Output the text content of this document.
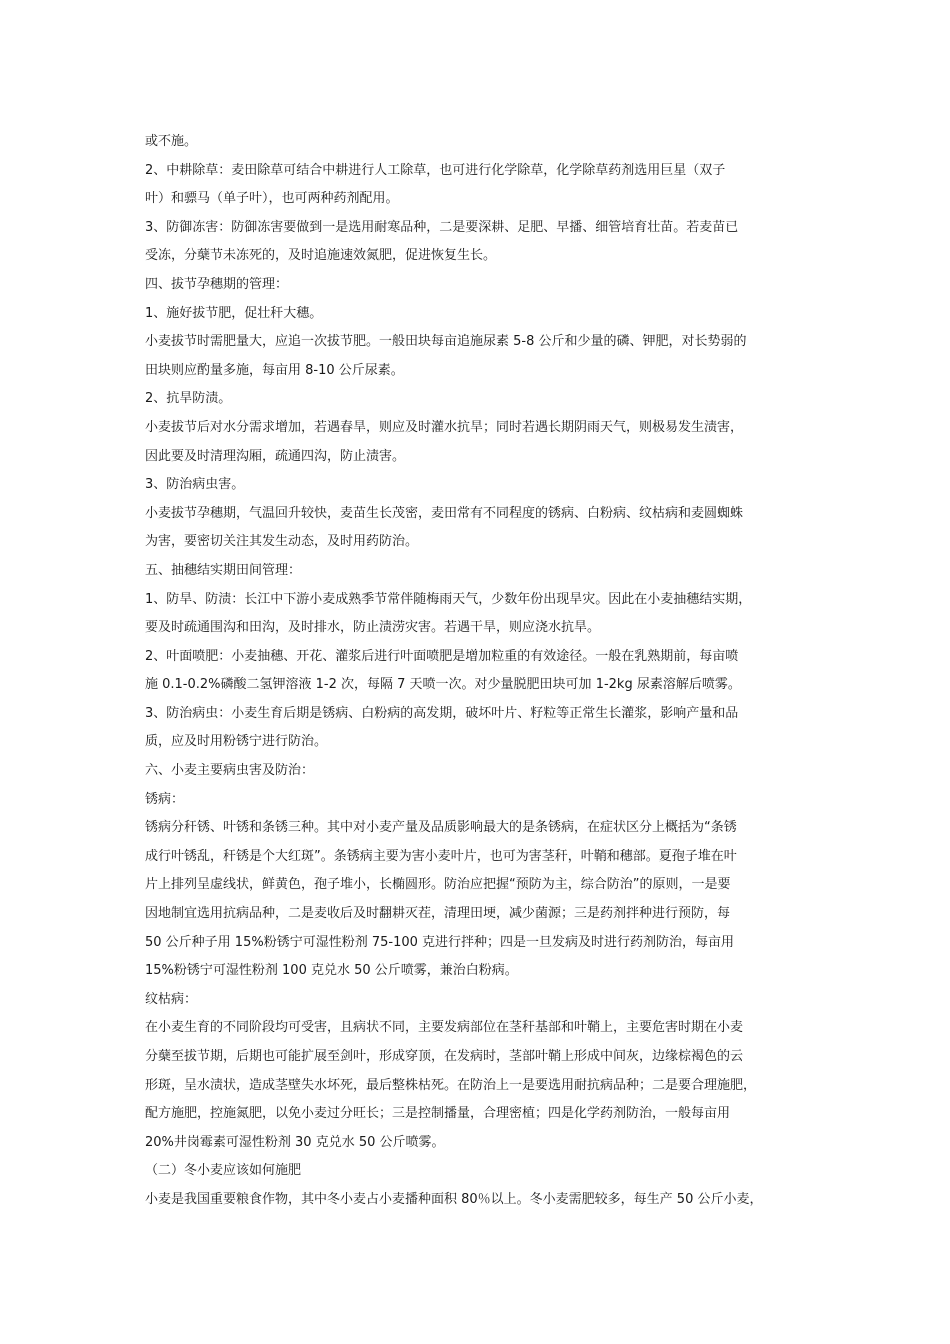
或不施。
2、中耕除草：麦田除草可结合中耕进行人工除草，也可进行化学除草，化学除草药剂选用巨星（双子
叶）和骠马（单子叶），也可两种药剂配用。
3、防御冻害：防御冻害要做到一是选用耐寒品种，二是要深耕、足肥、早播、细管培育壮苗。若麦苗已
受冻，分蘖节未冻死的，及时追施速效氮肥，促进恢复生长。
四、拔节孕穗期的管理：
1、施好拔节肥，促壮秆大穗。
小麦拔节时需肥量大，应追一次拔节肥。一般田块每亩追施尿素 5-8 公斤和少量的磷、钾肥，对长势弱的
田块则应酌量多施，每亩用 8-10 公斤尿素。
2、抗旱防渍。
小麦拔节后对水分需求增加，若遇春旱，则应及时灌水抗旱；同时若遇长期阴雨天气，则极易发生渍害，
因此要及时清理沟厢，疏通四沟，防止渍害。
3、防治病虫害。
小麦拔节孕穗期，气温回升较快，麦苗生长茂密，麦田常有不同程度的锈病、白粉病、纹枯病和麦圆蜘蛛
为害，要密切关注其发生动态，及时用药防治。
五、抽穗结实期田间管理：
1、防旱、防渍：长江中下游小麦成熟季节常伴随梅雨天气，少数年份出现旱灾。因此在小麦抽穗结实期，
要及时疏通围沟和田沟，及时排水，防止渍涝灾害。若遇干旱，则应浇水抗旱。
2、叶面喷肥：小麦抽穗、开花、灌浆后进行叶面喷肥是增加粒重的有效途径。一般在乳熟期前，每亩喷
施 0.1-0.2%磷酸二氢钾溶液 1-2 次，每隔 7 天喷一次。对少量脱肥田块可加 1-2kg 尿素溶解后喷雾。
3、防治病虫：小麦生育后期是锈病、白粉病的高发期，破坏叶片、籽粒等正常生长灌浆，影响产量和品
质，应及时用粉锈宁进行防治。
六、小麦主要病虫害及防治：
锈病：
锈病分秆锈、叶锈和条锈三种。其中对小麦产量及品质影响最大的是条锈病，在症状区分上概括为“条锈
成行叶锈乱，秆锈是个大红斑”。条锈病主要为害小麦叶片，也可为害茎秆，叶鞘和穗部。夏孢子堆在叶
片上排列呈虚线状，鲜黄色，孢子堆小，长椭圆形。防治应把握“预防为主，综合防治”的原则，一是要
因地制宜选用抗病品种，二是麦收后及时翻耕灭茬，清理田埂，减少菌源；三是药剂拌种进行预防，每
50 公斤种子用 15%粉锈宁可湿性粉剂 75-100 克进行拌种；四是一旦发病及时进行药剂防治，每亩用
15%粉锈宁可湿性粉剂 100 克兑水 50 公斤喷雾，兼治白粉病。
纹枯病：
在小麦生育的不同阶段均可受害，且病状不同，主要发病部位在茎秆基部和叶鞘上，主要危害时期在小麦
分蘖至拔节期，后期也可能扩展至剑叶，形成穿顶，在发病时，茎部叶鞘上形成中间灰，边缘棕褐色的云
形斑，呈水渍状，造成茎壁失水坏死，最后整株枯死。在防治上一是要选用耐抗病品种；二是要合理施肥，
配方施肥，控施氮肥，以免小麦过分旺长；三是控制播量，合理密植；四是化学药剂防治，一般每亩用
20%井岗霉素可湿性粉剂 30 克兑水 50 公斤喷雾。
（二）冬小麦应该如何施肥
小麦是我国重要粮食作物，其中冬小麦占小麦播种面积 80％以上。冬小麦需肥较多，每生产 50 公斤小麦，
